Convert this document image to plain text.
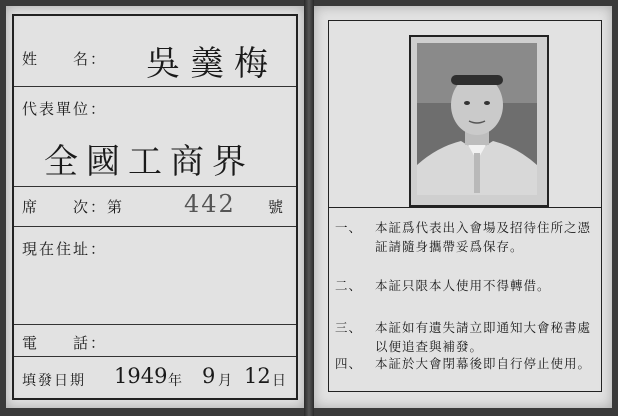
姓　　名： 吳羹梅
代表單位：
全國工商界
席　　次：第 442 號
現在住址：
電　　話：
填發日期 1949 年 9 月 12 日
一、 本証爲代表出入會場及招待住所之憑証請隨身攜帶妥爲保存。
二、 本証只限本人使用不得轉借。
三、 本証如有遺失請立即通知大會秘書處以便追查與補發。
四、 本証於大會閉幕後即自行停止使用。
